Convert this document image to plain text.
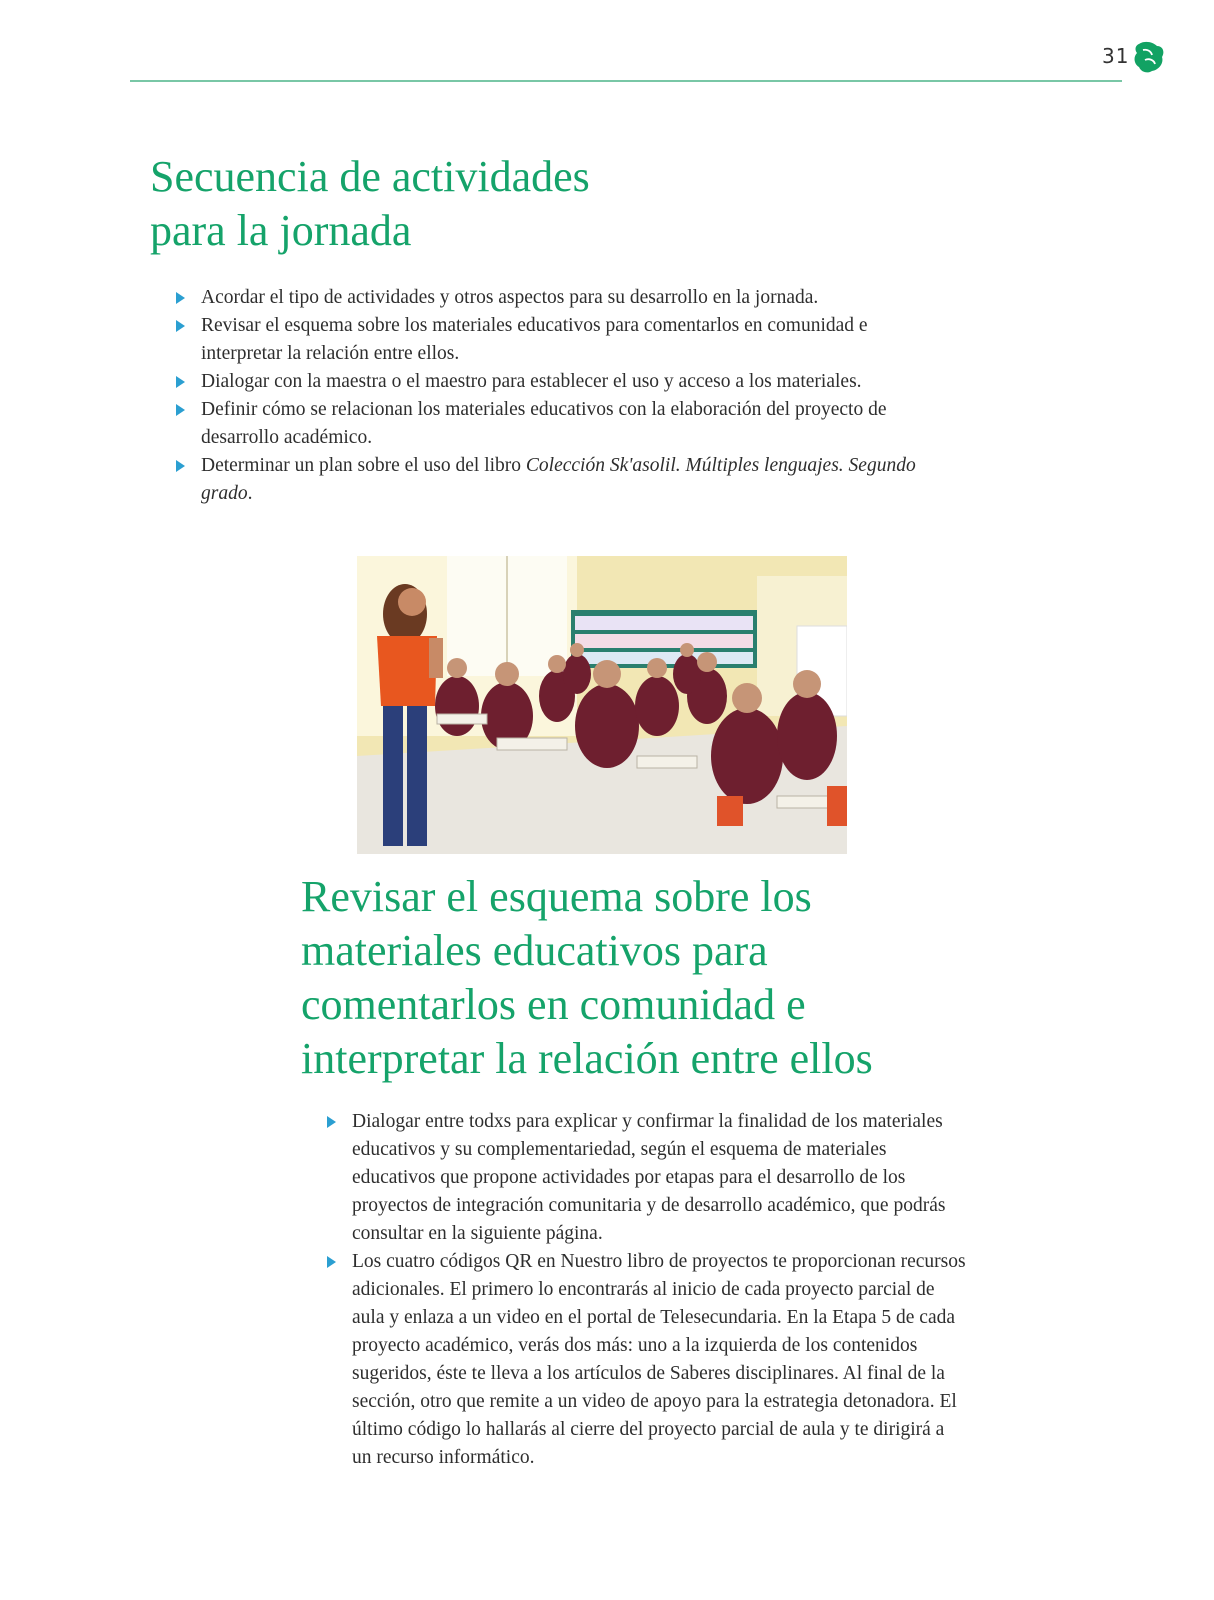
31
Secuencia de actividades
para la jornada
Acordar el tipo de actividades y otros aspectos para su desarrollo en la jornada.
Revisar el esquema sobre los materiales educativos para comentarlos en comunidad e interpretar la relación entre ellos.
Dialogar con la maestra o el maestro para establecer el uso y acceso a los materiales.
Definir cómo se relacionan los materiales educativos con la elaboración del proyecto de desarrollo académico.
Determinar un plan sobre el uso del libro Colección Sk'asolil. Múltiples lenguajes. Segundo grado.
Revisar el esquema sobre los
materiales educativos para
comentarlos en comunidad e
interpretar la relación entre ellos
Dialogar entre todxs para explicar y confirmar la finalidad de los materiales educativos y su complementariedad, según el esquema de materiales educativos que propone actividades por etapas para el desarrollo de los proyectos de integración comunitaria y de desarrollo académico, que podrás consultar en la siguiente página.
Los cuatro códigos QR en Nuestro libro de proyectos te proporcionan recursos adicionales. El primero lo encontrarás al inicio de cada proyecto parcial de aula y enlaza a un video en el portal de Telesecundaria. En la Etapa 5 de cada proyecto académico, verás dos más: uno a la izquierda de los contenidos sugeridos, éste te lleva a los artículos de Saberes disciplinares. Al final de la sección, otro que remite a un video de apoyo para la estrategia detonadora. El último código lo hallarás al cierre del proyecto parcial de aula y te dirigirá a un recurso informático.
